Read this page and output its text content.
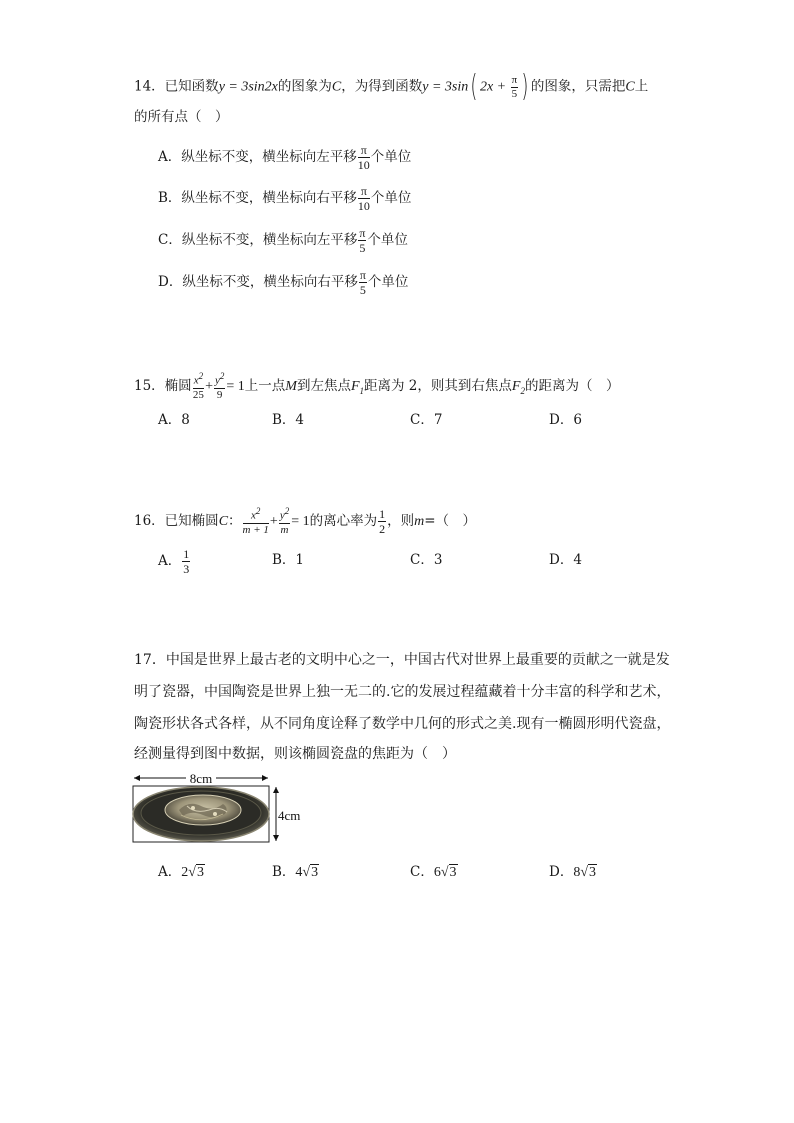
14．已知函数y = 3sin2x的图象为C，为得到函数y = 3sin( $2x + \frac{\pi}{5}$ ) 的图象，只需把C上
的所有点（　）
A．纵坐标不变，横坐标向左平移 $\frac{\pi}{10}$ 个单位
B．纵坐标不变，横坐标向右平移 $\frac{\pi}{10}$ 个单位
C．纵坐标不变，横坐标向左平移 $\frac{\pi}{5}$ 个单位
D．纵坐标不变，横坐标向右平移 $\frac{\pi}{5}$ 个单位
15．椭圆 $\frac{x^2}{25} + \frac{y^2}{9} = 1$上一点M到左焦点$F_1$距离为 2，则其到右焦点$F_2$的距离为（　）
A．8	B．4	C．7	D．6
16．已知椭圆C： $\frac{x^2}{m + 1} + \frac{y^2}{m} = 1$的离心率为 $\frac{1}{2}$ ，则m=（　）
A． $\frac{1}{3}$	B．1	C．3	D．4
17．中国是世界上最古老的文明中心之一，中国古代对世界上最重要的贡献之一就是发
明了瓷器，中国陶瓷是世界上独一无二的.它的发展过程蕴藏着十分丰富的科学和艺术，
陶瓷形状各式各样，从不同角度诠释了数学中几何的形式之美.现有一椭圆形明代瓷盘，
经测量得到图中数据，则该椭圆瓷盘的焦距为（　）
8cm
4cm
A．2√3	B．4√3	C．6√3	D．8√3
